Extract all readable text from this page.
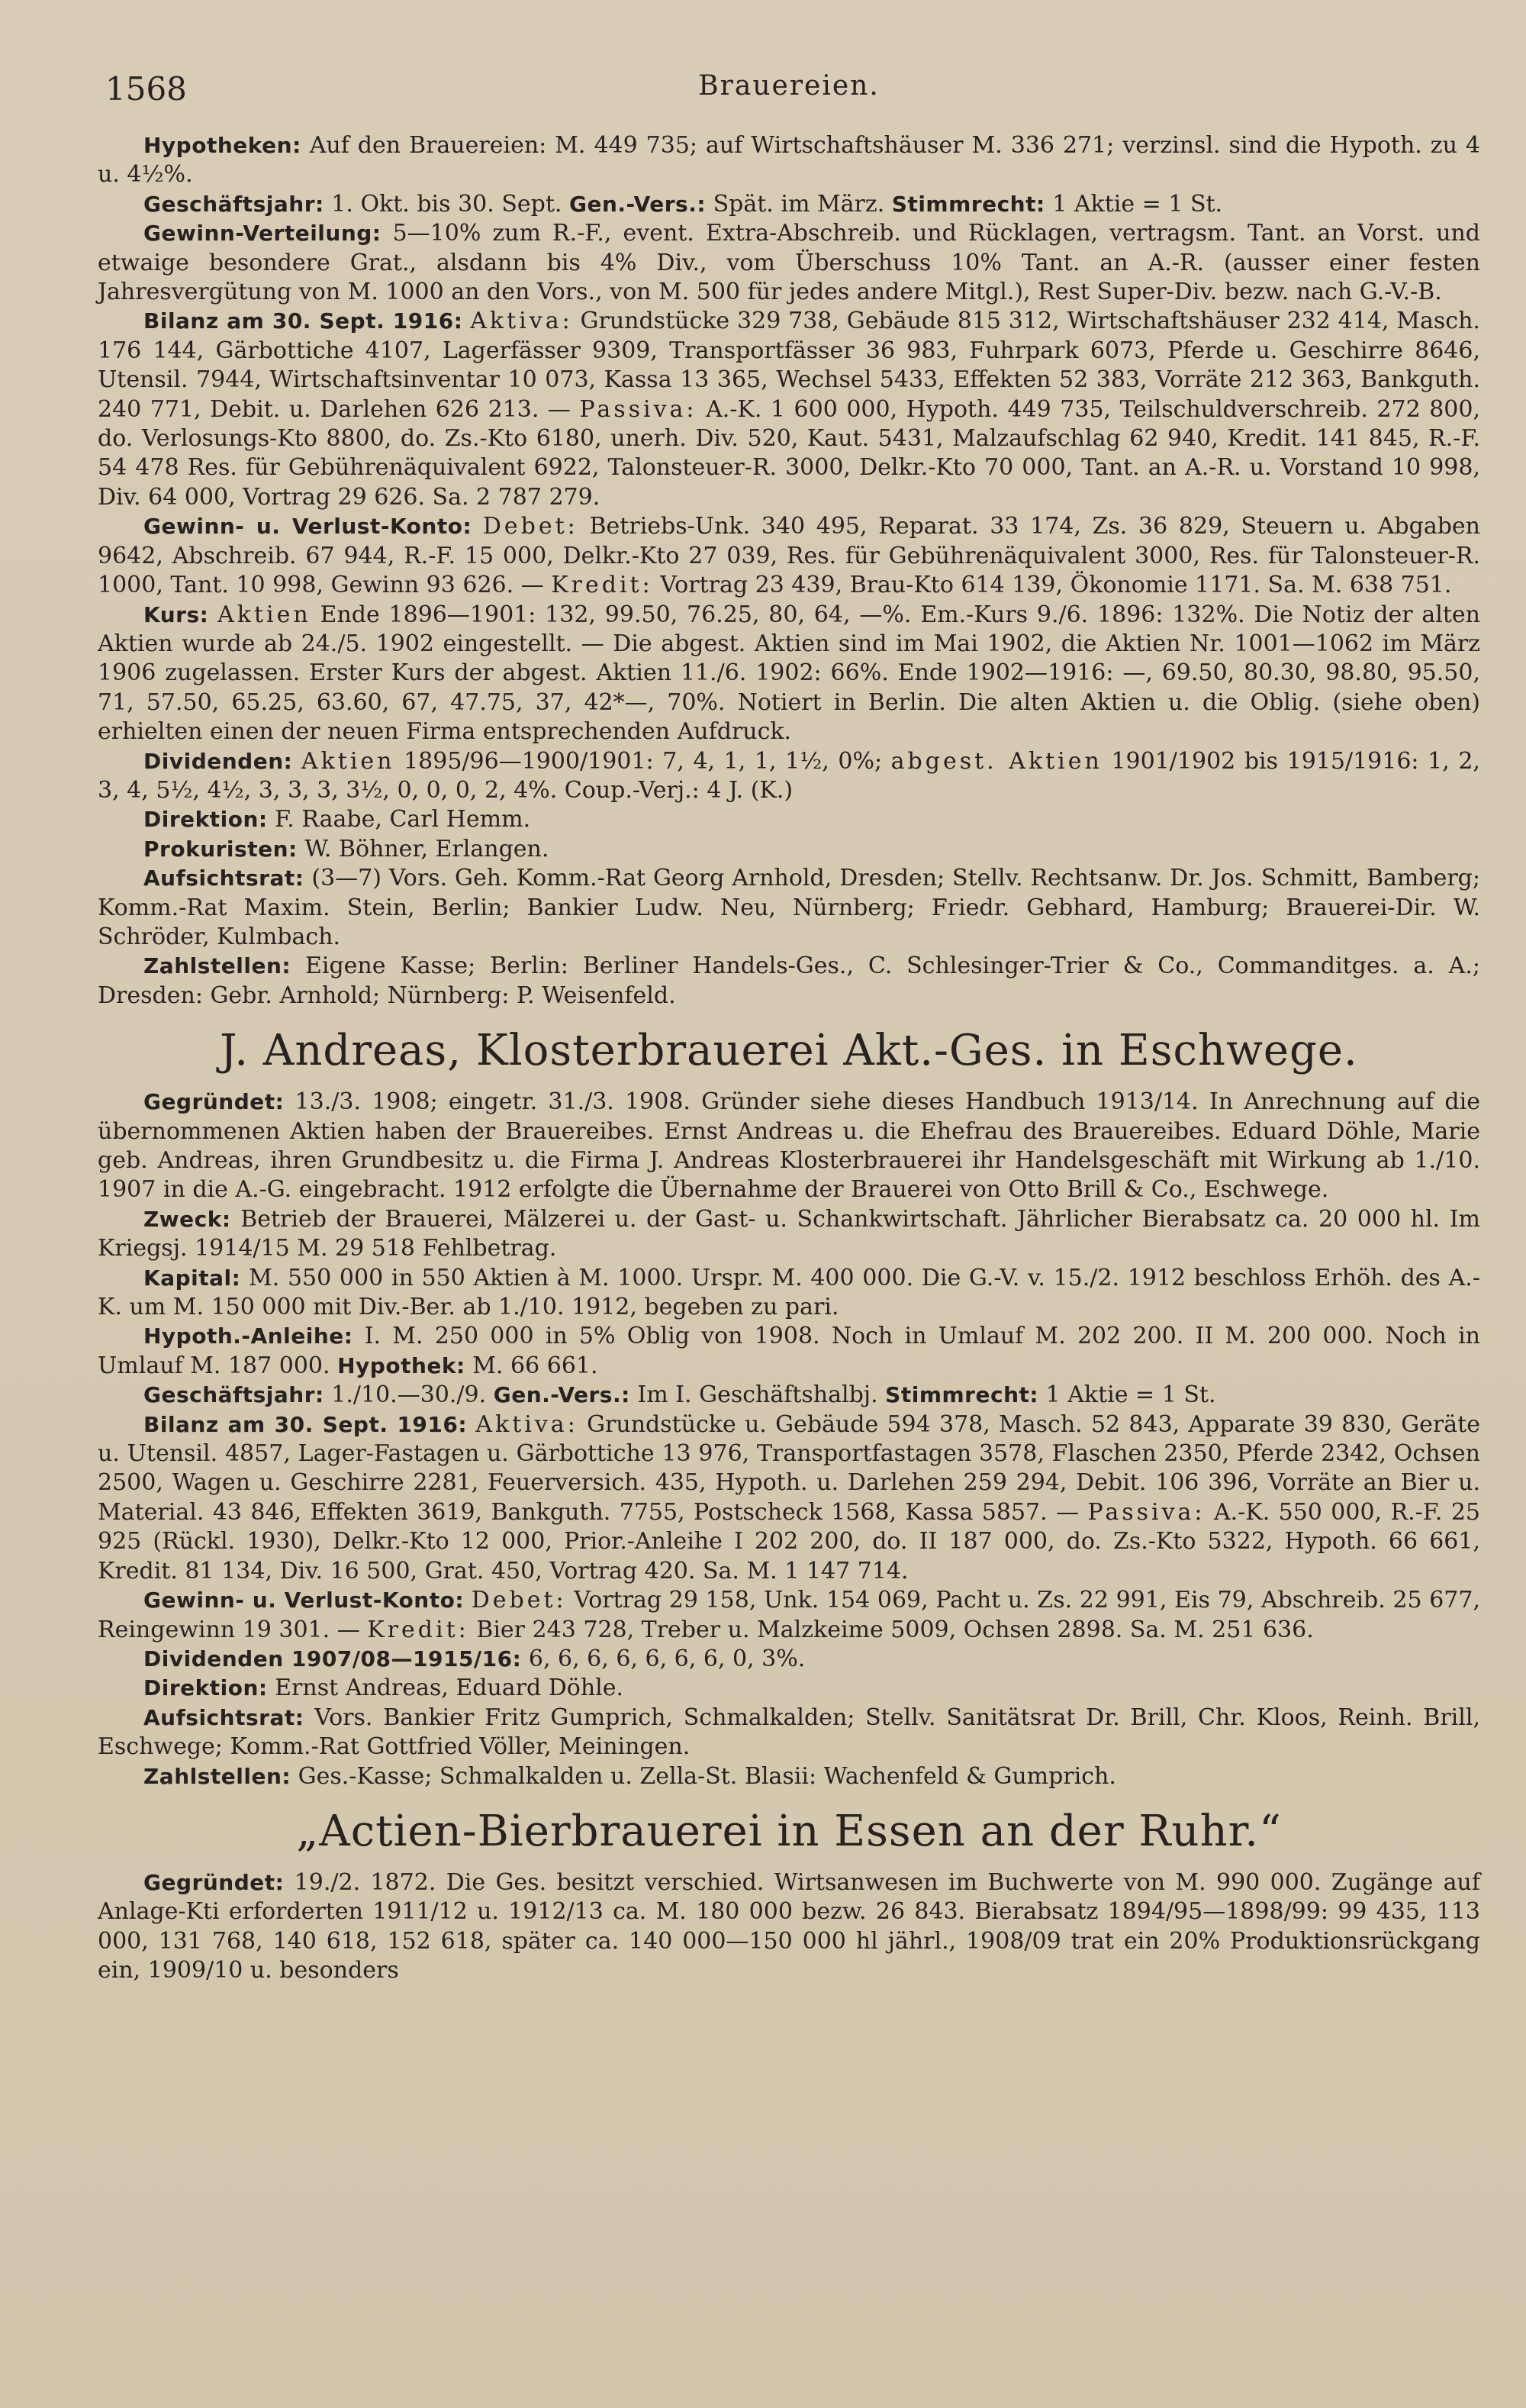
1568	Brauereien.

Hypotheken: Auf den Brauereien: M. 449 735; auf Wirtschaftshäuser M. 336 271; verzinsl. sind die Hypoth. zu 4 u. 4½%.

Geschäftsjahr: 1. Okt. bis 30. Sept. Gen.-Vers.: Spät. im März. Stimmrecht: 1 Aktie = 1 St.

Gewinn-Verteilung: 5—10% zum R.-F., event. Extra-Abschreib. und Rücklagen, vertragsm. Tant. an Vorst. und etwaige besondere Grat., alsdann bis 4% Div., vom Überschuss 10% Tant. an A.-R. (ausser einer festen Jahresvergütung von M. 1000 an den Vors., von M. 500 für jedes andere Mitgl.), Rest Super-Div. bezw. nach G.-V.-B.

Bilanz am 30. Sept. 1916: Aktiva: Grundstücke 329 738, Gebäude 815 312, Wirtschaftshäuser 232 414, Masch. 176 144, Gärbottiche 4107, Lagerfässer 9309, Transportfässer 36 983, Fuhrpark 6073, Pferde u. Geschirre 8646, Utensil. 7944, Wirtschaftsinventar 10 073, Kassa 13 365, Wechsel 5433, Effekten 52 383, Vorräte 212 363, Bankguth. 240 771, Debit. u. Darlehen 626 213. — Passiva: A.-K. 1 600 000, Hypoth. 449 735, Teilschuldverschreib. 272 800, do. Verlosungs-Kto 8800, do. Zs.-Kto 6180, unerh. Div. 520, Kaut. 5431, Malzaufschlag 62 940, Kredit. 141 845, R.-F. 54 478 Res. für Gebührenäquivalent 6922, Talonsteuer-R. 3000, Delkr.-Kto 70 000, Tant. an A.-R. u. Vorstand 10 998, Div. 64 000, Vortrag 29 626. Sa. 2 787 279.

Gewinn- u. Verlust-Konto: Debet: Betriebs-Unk. 340 495, Reparat. 33 174, Zs. 36 829, Steuern u. Abgaben 9642, Abschreib. 67 944, R.-F. 15 000, Delkr.-Kto 27 039, Res. für Gebührenäquivalent 3000, Res. für Talonsteuer-R. 1000, Tant. 10 998, Gewinn 93 626. — Kredit: Vortrag 23 439, Brau-Kto 614 139, Ökonomie 1171. Sa. M. 638 751.

Kurs: Aktien Ende 1896—1901: 132, 99.50, 76.25, 80, 64, —%. Em.-Kurs 9./6. 1896: 132%. Die Notiz der alten Aktien wurde ab 24./5. 1902 eingestellt. — Die abgest. Aktien sind im Mai 1902, die Aktien Nr. 1001—1062 im März 1906 zugelassen. Erster Kurs der abgest. Aktien 11./6. 1902: 66%. Ende 1902—1916: —, 69.50, 80.30, 98.80, 95.50, 71, 57.50, 65.25, 63.60, 67, 47.75, 37, 42*—, 70%. Notiert in Berlin. Die alten Aktien u. die Oblig. (siehe oben) erhielten einen der neuen Firma entsprechenden Aufdruck.

Dividenden: Aktien 1895/96—1900/1901: 7, 4, 1, 1, 1½, 0%; abgest. Aktien 1901/1902 bis 1915/1916: 1, 2, 3, 4, 5½, 4½, 3, 3, 3, 3½, 0, 0, 0, 2, 4%. Coup.-Verj.: 4 J. (K.)

Direktion: F. Raabe, Carl Hemm.

Prokuristen: W. Böhner, Erlangen.

Aufsichtsrat: (3—7) Vors. Geh. Komm.-Rat Georg Arnhold, Dresden; Stellv. Rechtsanw. Dr. Jos. Schmitt, Bamberg; Komm.-Rat Maxim. Stein, Berlin; Bankier Ludw. Neu, Nürnberg; Friedr. Gebhard, Hamburg; Brauerei-Dir. W. Schröder, Kulmbach.

Zahlstellen: Eigene Kasse; Berlin: Berliner Handels-Ges., C. Schlesinger-Trier & Co., Commanditges. a. A.; Dresden: Gebr. Arnhold; Nürnberg: P. Weisenfeld.

J. Andreas, Klosterbrauerei Akt.-Ges. in Eschwege.

Gegründet: 13./3. 1908; eingetr. 31./3. 1908. Gründer siehe dieses Handbuch 1913/14. In Anrechnung auf die übernommenen Aktien haben der Brauereibes. Ernst Andreas u. die Ehefrau des Brauereibes. Eduard Döhle, Marie geb. Andreas, ihren Grundbesitz u. die Firma J. Andreas Klosterbrauerei ihr Handelsgeschäft mit Wirkung ab 1./10. 1907 in die A.-G. eingebracht. 1912 erfolgte die Übernahme der Brauerei von Otto Brill & Co., Eschwege.

Zweck: Betrieb der Brauerei, Mälzerei u. der Gast- u. Schankwirtschaft. Jährlicher Bierabsatz ca. 20 000 hl. Im Kriegsj. 1914/15 M. 29 518 Fehlbetrag.

Kapital: M. 550 000 in 550 Aktien à M. 1000. Urspr. M. 400 000. Die G.-V. v. 15./2. 1912 beschloss Erhöh. des A.-K. um M. 150 000 mit Div.-Ber. ab 1./10. 1912, begeben zu pari.

Hypoth.-Anleihe: I. M. 250 000 in 5% Oblig von 1908. Noch in Umlauf M. 202 200. II M. 200 000. Noch in Umlauf M. 187 000. Hypothek: M. 66 661.

Geschäftsjahr: 1./10.—30./9. Gen.-Vers.: Im I. Geschäftshalbj. Stimmrecht: 1 Aktie = 1 St.

Bilanz am 30. Sept. 1916: Aktiva: Grundstücke u. Gebäude 594 378, Masch. 52 843, Apparate 39 830, Geräte u. Utensil. 4857, Lager-Fastagen u. Gärbottiche 13 976, Transportfastagen 3578, Flaschen 2350, Pferde 2342, Ochsen 2500, Wagen u. Geschirre 2281, Feuerversich. 435, Hypoth. u. Darlehen 259 294, Debit. 106 396, Vorräte an Bier u. Material. 43 846, Effekten 3619, Bankguth. 7755, Postscheck 1568, Kassa 5857. — Passiva: A.-K. 550 000, R.-F. 25 925 (Rückl. 1930), Delkr.-Kto 12 000, Prior.-Anleihe I 202 200, do. II 187 000, do. Zs.-Kto 5322, Hypoth. 66 661, Kredit. 81 134, Div. 16 500, Grat. 450, Vortrag 420. Sa. M. 1 147 714.

Gewinn- u. Verlust-Konto: Debet: Vortrag 29 158, Unk. 154 069, Pacht u. Zs. 22 991, Eis 79, Abschreib. 25 677, Reingewinn 19 301. — Kredit: Bier 243 728, Treber u. Malzkeime 5009, Ochsen 2898. Sa. M. 251 636.

Dividenden 1907/08—1915/16: 6, 6, 6, 6, 6, 6, 6, 0, 3%.

Direktion: Ernst Andreas, Eduard Döhle.

Aufsichtsrat: Vors. Bankier Fritz Gumprich, Schmalkalden; Stellv. Sanitätsrat Dr. Brill, Chr. Kloos, Reinh. Brill, Eschwege; Komm.-Rat Gottfried Völler, Meiningen.

Zahlstellen: Ges.-Kasse; Schmalkalden u. Zella-St. Blasii: Wachenfeld & Gumprich.

„Actien-Bierbrauerei in Essen an der Ruhr.“

Gegründet: 19./2. 1872. Die Ges. besitzt verschied. Wirtsanwesen im Buchwerte von M. 990 000. Zugänge auf Anlage-Kti erforderten 1911/12 u. 1912/13 ca. M. 180 000 bezw. 26 843. Bierabsatz 1894/95—1898/99: 99 435, 113 000, 131 768, 140 618, 152 618, später ca. 140 000—150 000 hl jährl., 1908/09 trat ein 20% Produktionsrückgang ein, 1909/10 u. besonders
